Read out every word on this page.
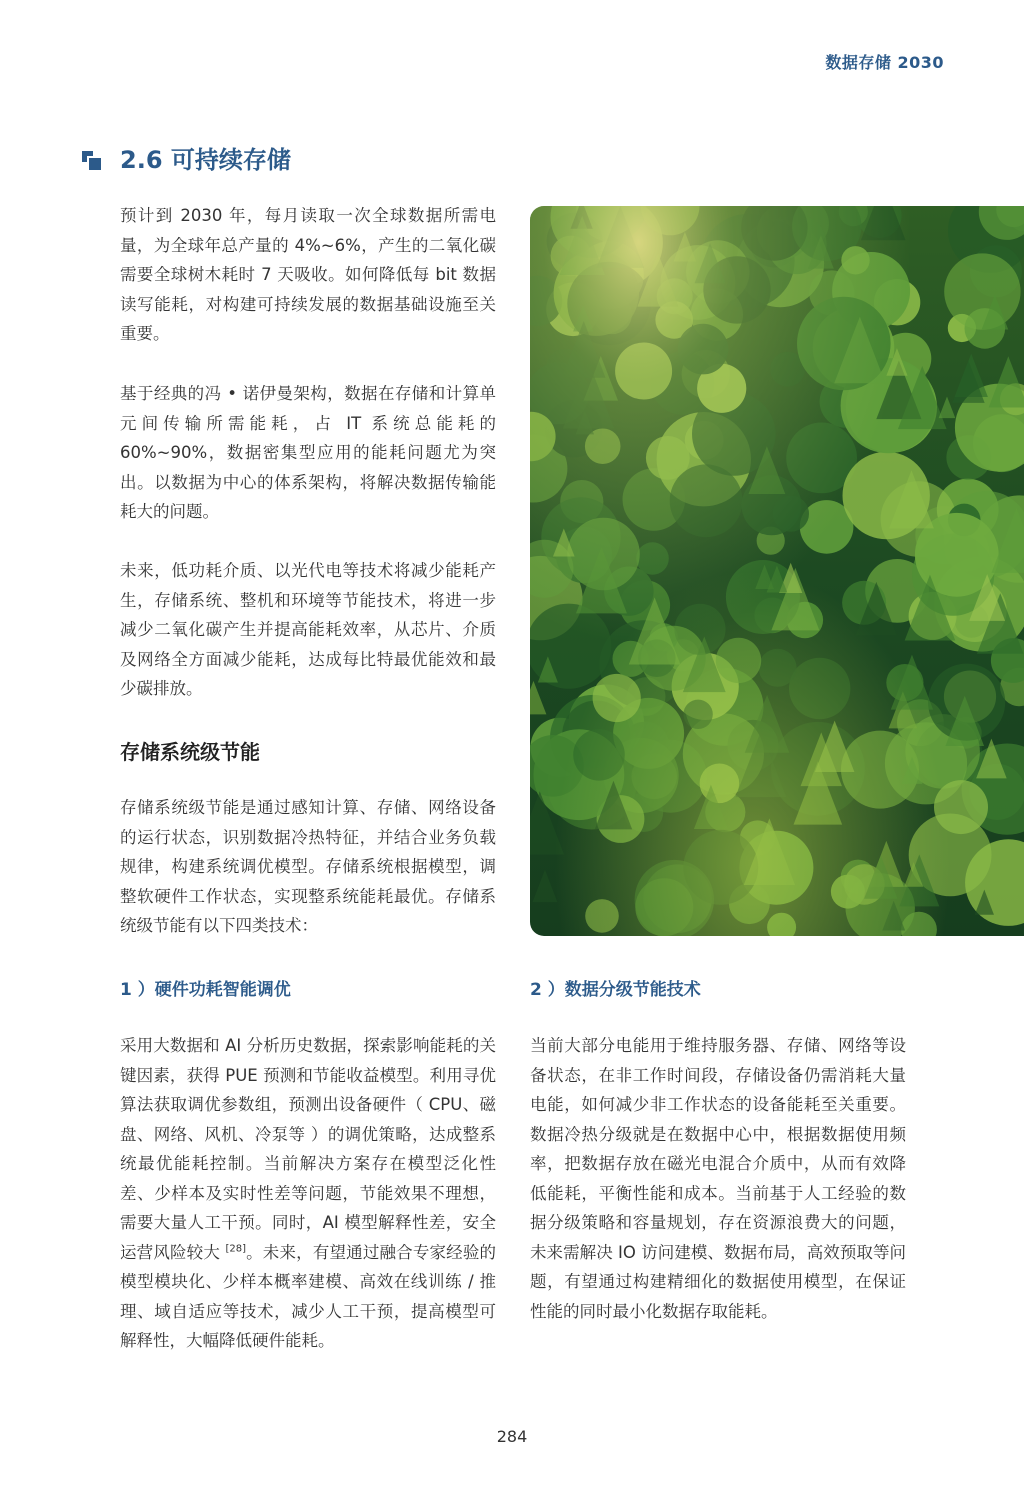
数据存储 2030
2.6 可持续存储
预计到 2030 年，每月读取一次全球数据所需电量，为全球年总产量的 4%~6%，产生的二氧化碳需要全球树木耗时 7 天吸收。如何降低每 bit 数据读写能耗，对构建可持续发展的数据基础设施至关重要。
基于经典的冯 • 诺伊曼架构，数据在存储和计算单元间传输所需能耗，占 IT 系统总能耗的 60%~90%，数据密集型应用的能耗问题尤为突出。以数据为中心的体系架构，将解决数据传输能耗大的问题。
未来，低功耗介质、以光代电等技术将减少能耗产生，存储系统、整机和环境等节能技术，将进一步减少二氧化碳产生并提高能耗效率，从芯片、介质及网络全方面减少能耗，达成每比特最优能效和最少碳排放。
存储系统级节能
存储系统级节能是通过感知计算、存储、网络设备的运行状态，识别数据冷热特征，并结合业务负载规律，构建系统调优模型。存储系统根据模型，调整软硬件工作状态，实现整系统能耗最优。存储系统级节能有以下四类技术：
1 ）硬件功耗智能调优
采用大数据和 AI 分析历史数据，探索影响能耗的关键因素，获得 PUE 预测和节能收益模型。利用寻优算法获取调优参数组，预测出设备硬件（ CPU、磁盘、网络、风机、冷泵等 ）的调优策略，达成整系统最优能耗控制。当前解决方案存在模型泛化性差、少样本及实时性差等问题，节能效果不理想，需要大量人工干预。同时，AI 模型解释性差，安全运营风险较大 [28]。未来，有望通过融合专家经验的模型模块化、少样本概率建模、高效在线训练 / 推理、域自适应等技术，减少人工干预，提高模型可解释性，大幅降低硬件能耗。
2 ）数据分级节能技术
当前大部分电能用于维持服务器、存储、网络等设备状态，在非工作时间段，存储设备仍需消耗大量电能，如何减少非工作状态的设备能耗至关重要。数据冷热分级就是在数据中心中，根据数据使用频率，把数据存放在磁光电混合介质中，从而有效降低能耗，平衡性能和成本。当前基于人工经验的数据分级策略和容量规划，存在资源浪费大的问题，未来需解决 IO 访问建模、数据布局，高效预取等问题，有望通过构建精细化的数据使用模型，在保证性能的同时最小化数据存取能耗。
284
